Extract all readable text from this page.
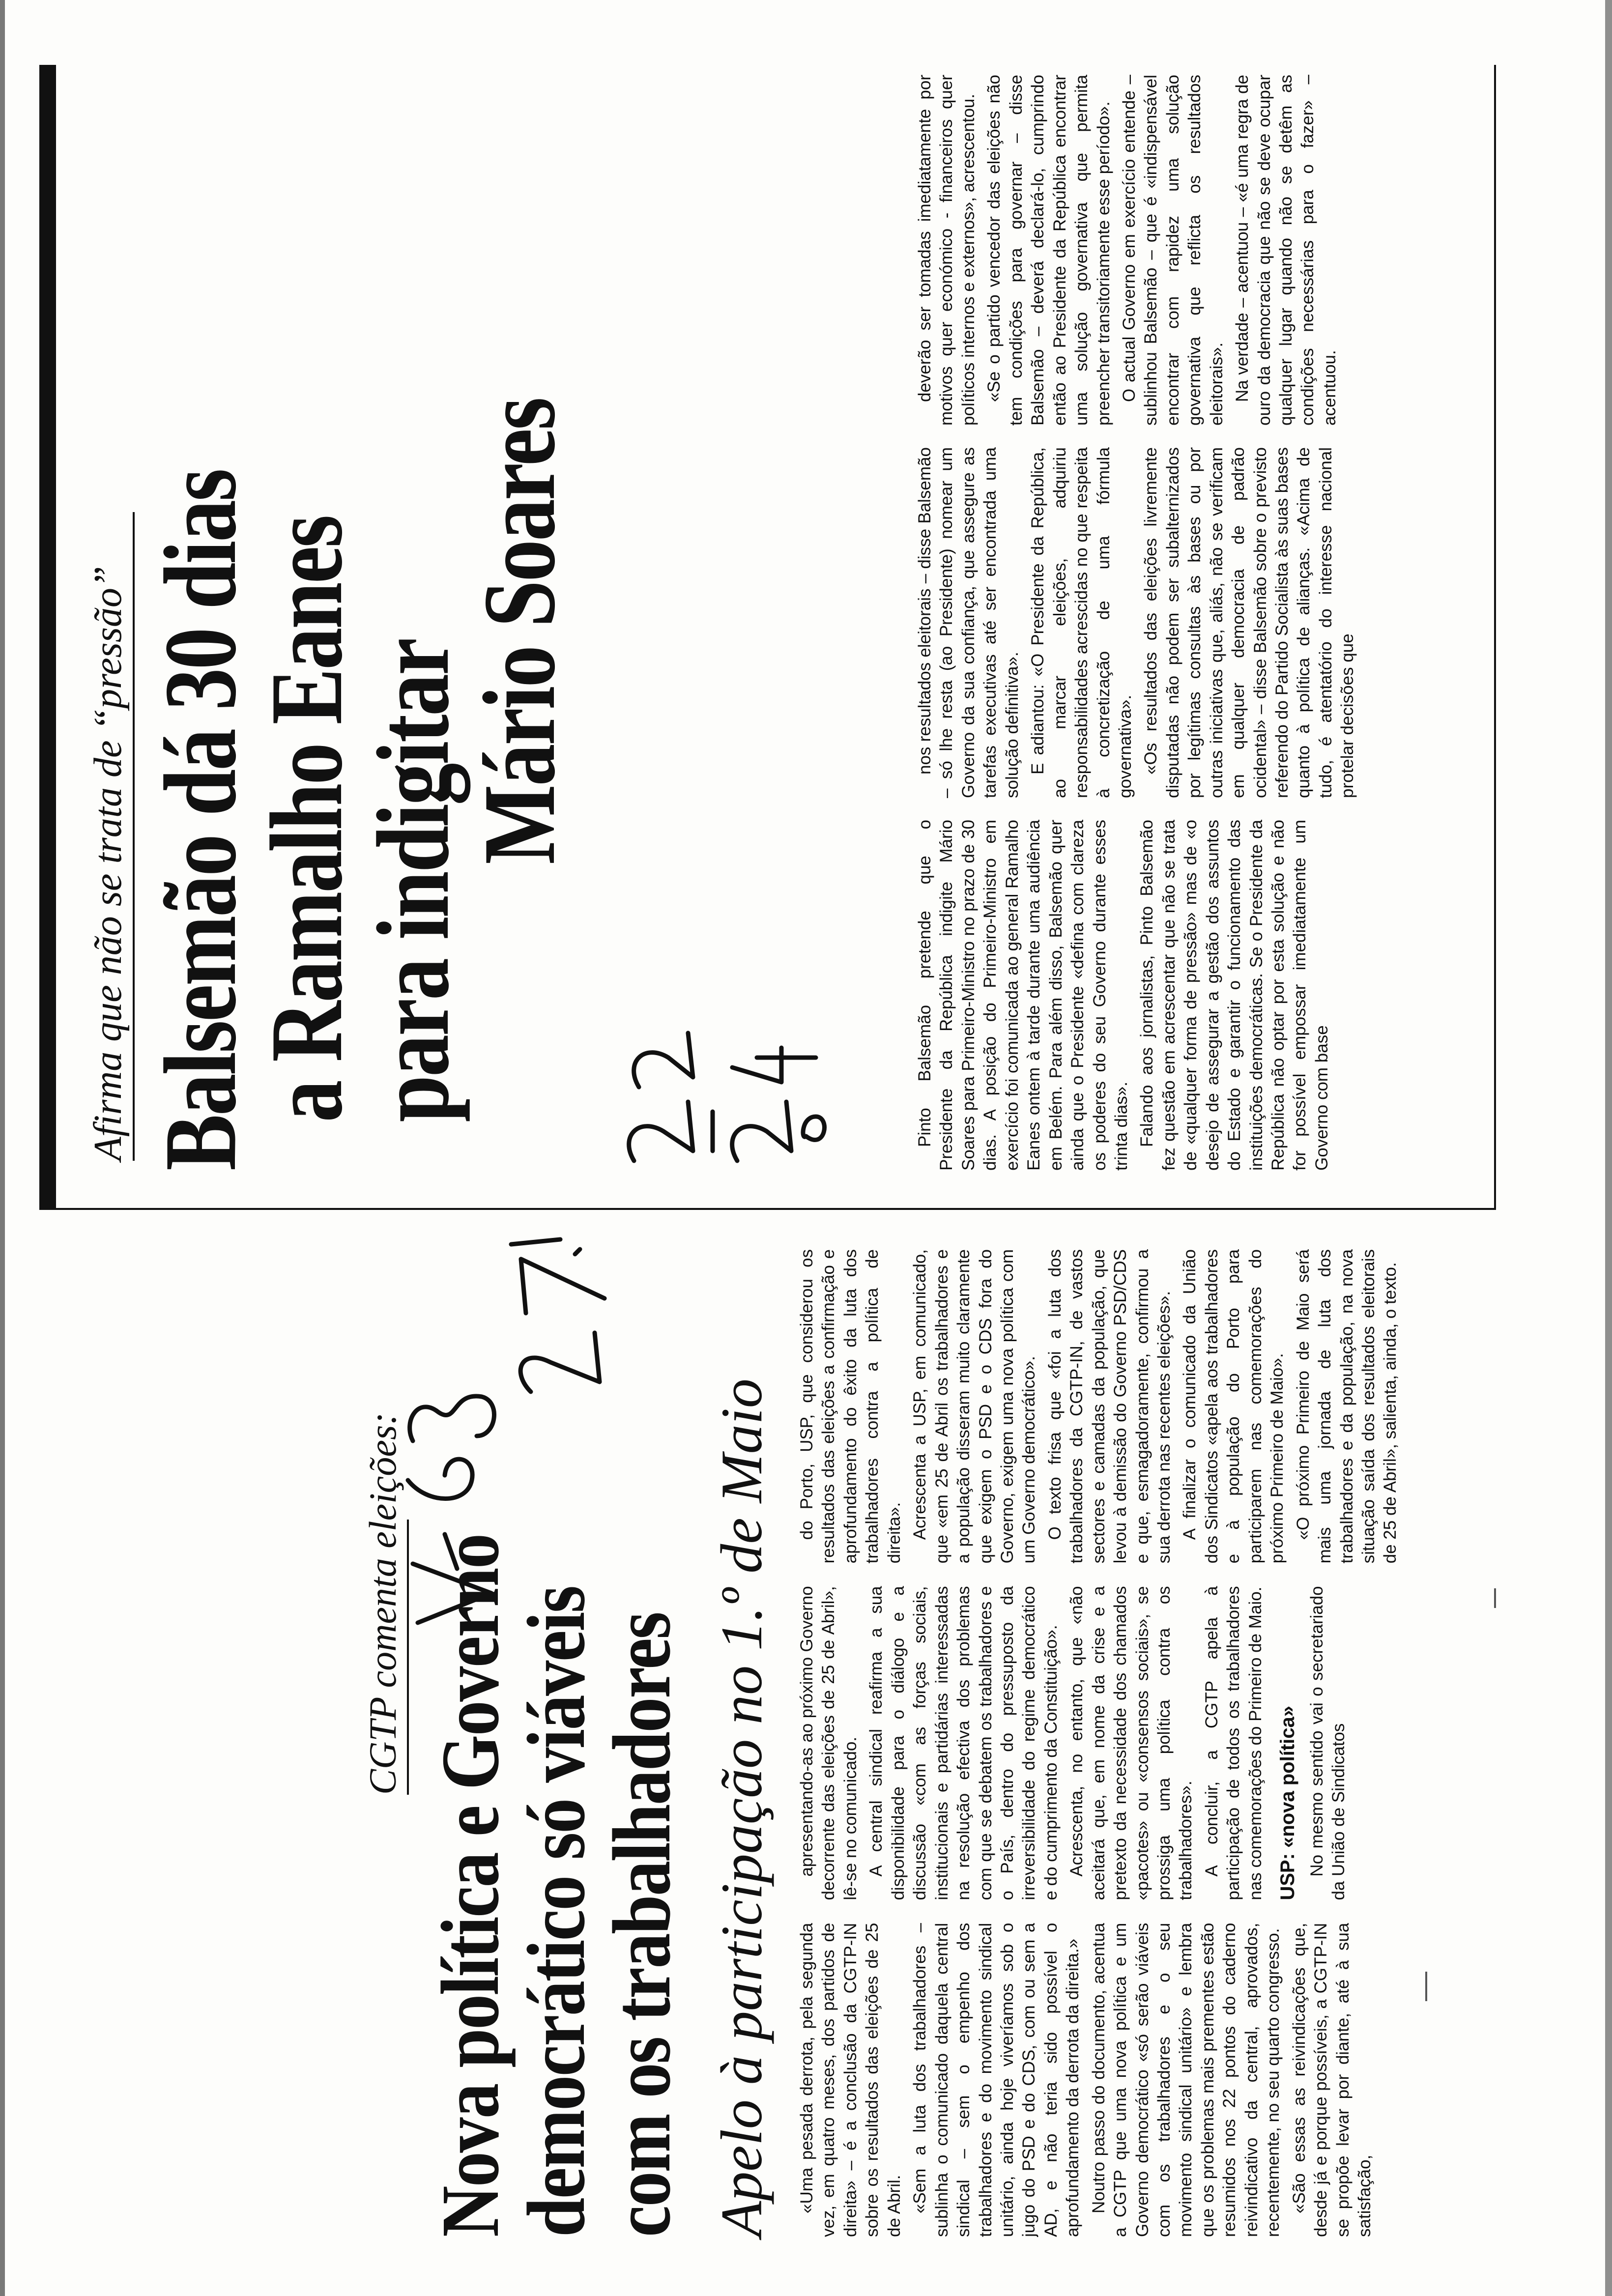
CGTP comenta eleições: Nova política e Governo
democrático só viáveis
com os trabalhadores Apelo à participação no 1.º de Maio «Uma pesada derrota, pela segunda vez, em quatro meses, dos partidos de direita» – é a conclusão da CGTP-IN sobre os resultados das eleições de 25 de Abril. «Sem a luta dos trabalhadores – sublinha o comunicado daquela central sindical – sem o empenho dos trabalhadores e do movimento sindical unitário, ainda hoje viveríamos sob o jugo do PSD e do CDS, com ou sem a AD, e não teria sido possível o aprofundamento da derrota da direita.» Noutro passo do documento, acentua a CGTP que uma nova política e um Governo democrático «só serão viáveis com os trabalhadores e o seu movimento sindical unitário» e lembra que os problemas mais prementes estão resumidos nos 22 pontos do caderno reivindicativo da central, aprovados, recentemente, no seu quarto congresso. «São essas as reivindicações que, desde já e porque possíveis, a CGTP-IN se propõe levar por diante, até à sua satisfação,

apresentando-as ao próximo Governo decorrente das eleições de 25 de Abril», lê-se no comunicado. A central sindical reafirma a sua disponibilidade para o diálogo e a discussão «com as forças sociais, institucionais e partidárias interessadas na resolução efectiva dos problemas com que se debatem os trabalhadores e o País, dentro do pressuposto da irreversibilidade do regime democrático e do cumprimento da Constituição». Acrescenta, no entanto, que «não aceitará que, em nome da crise e a pretexto da necessidade dos chamados «pacotes» ou «consensos sociais», se prossiga uma política contra os trabalhadores». A concluir, a CGTP apela à participação de todos os trabalhadores nas comemorações do Primeiro de Maio. USP: «nova política» No mesmo sentido vai o secretariado da União de Sindicatos

do Porto, USP, que considerou os resultados das eleições a confirmação e aprofundamento do êxito da luta dos trabalhadores contra a política de direita». Acrescenta a USP, em comunicado, que «em 25 de Abril os trabalhadores e a população disseram muito claramente que exigem o PSD e o CDS fora do Governo, exigem uma nova política com um Governo democrático». O texto frisa que «foi a luta dos trabalhadores da CGTP-IN, de vastos sectores e camadas da população, que levou à demissão do Governo PSD/CDS e que, esmagadoramente, confirmou a sua derrota nas recentes eleições». A finalizar o comunicado da União dos Sindicatos «apela aos trabalhadores e à população do Porto para participarem nas comemorações do próximo Primeiro de Maio». «O próximo Primeiro de Maio será mais uma jornada de luta dos trabalhadores e da população, na nova situação saída dos resultados eleitorais de 25 de Abril», salienta, ainda, o texto.

Afirma que não se trata de “pressão” Balsemão dá 30 dias
a Ramalho Eanes
para indigitar
Mário Soares

Pinto Balsemão pretende que o Presidente da República indigite Mário Soares para Primeiro-Ministro no prazo de 30 dias. A posição do Primeiro-Ministro em exercício foi comunicada ao general Ramalho Eanes ontem à tarde durante uma audiência em Belém. Para além disso, Balsemão quer ainda que o Presidente «defina com clareza os poderes do seu Governo durante esses trinta dias». Falando aos jornalistas, Pinto Balsemão fez questão em acrescentar que não se trata de «qualquer forma de pressão» mas de «o desejo de assegurar a gestão dos assuntos do Estado e garantir o funcionamento das instituições democráticas. Se o Presidente da República não optar por esta solução e não for possível empossar imediatamente um Governo com base

nos resultados eleitorais – disse Balsemão – só lhe resta (ao Presidente) nomear um Governo da sua confiança, que assegure as tarefas executivas até ser encontrada uma solução definitiva». E adiantou: «O Presidente da República, ao marcar eleições, adquiriu responsabilidades acrescidas no que respeita à concretização de uma fórmula governativa». «Os resultados das eleições livremente disputadas não podem ser subalternizados por legítimas consultas às bases ou por outras iniciativas que, aliás, não se verificam em qualquer democracia de padrão ocidental» – disse Balsemão sobre o previsto referendo do Partido Socialista às suas bases quanto à política de alianças. «Acima de tudo, é atentatório do interesse nacional protelar decisões que

deverão ser tomadas imediatamente por motivos quer económico - financeiros quer políticos internos e externos», acrescentou. «Se o partido vencedor das eleições não tem condições para governar – disse Balsemão – deverá declará-lo, cumprindo então ao Presidente da República encontrar uma solução governativa que permita preencher transitoriamente esse período». O actual Governo em exercício entende – sublinhou Balsemão – que é «indispensável encontrar com rapidez uma solução governativa que reflicta os resultados eleitorais». Na verdade – acentuou – «é uma regra de ouro da democracia que não se deve ocupar qualquer lugar quando não se detêm as condições necessárias para o fazer» – acentuou.
